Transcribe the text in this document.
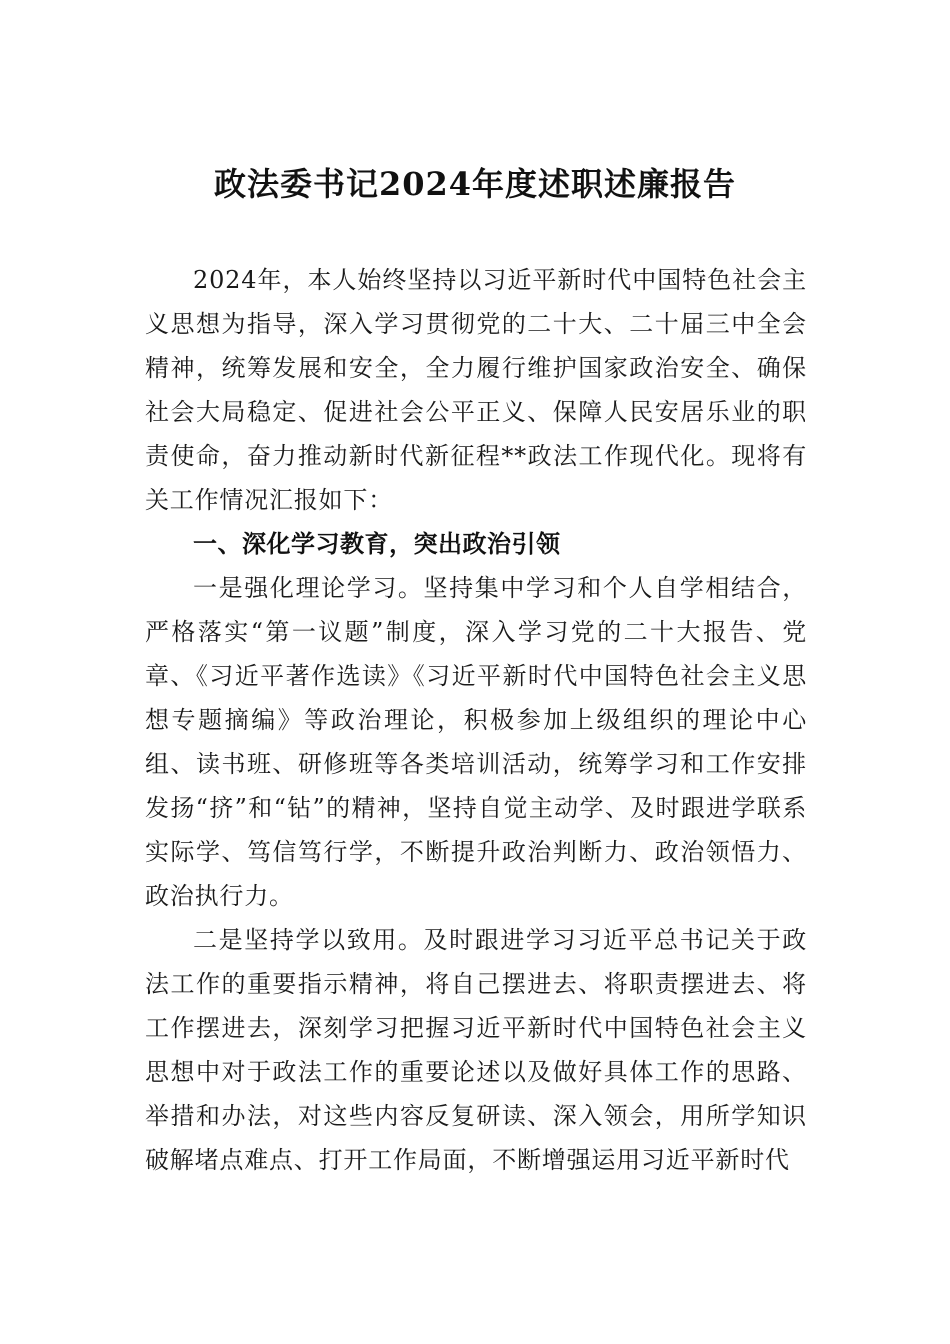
政法委书记2024年度述职述廉报告

2024年，本人始终坚持以习近平新时代中国特色社会主义思想为指导，深入学习贯彻党的二十大、二十届三中全会精神，统筹发展和安全，全力履行维护国家政治安全、确保社会大局稳定、促进社会公平正义、保障人民安居乐业的职责使命，奋力推动新时代新征程**政法工作现代化。现将有关工作情况汇报如下：

一、深化学习教育，突出政治引领

一是强化理论学习。坚持集中学习和个人自学相结合，严格落实“第一议题”制度，深入学习党的二十大报告、党章、《习近平著作选读》《习近平新时代中国特色社会主义思想专题摘编》等政治理论，积极参加上级组织的理论中心组、读书班、研修班等各类培训活动，统筹学习和工作安排发扬“挤”和“钻”的精神，坚持自觉主动学、及时跟进学联系实际学、笃信笃行学，不断提升政治判断力、政治领悟力、政治执行力。

二是坚持学以致用。及时跟进学习习近平总书记关于政法工作的重要指示精神，将自己摆进去、将职责摆进去、将工作摆进去，深刻学习把握习近平新时代中国特色社会主义思想中对于政法工作的重要论述以及做好具体工作的思路、举措和办法，对这些内容反复研读、深入领会，用所学知识破解堵点难点、打开工作局面，不断增强运用习近平新时代
